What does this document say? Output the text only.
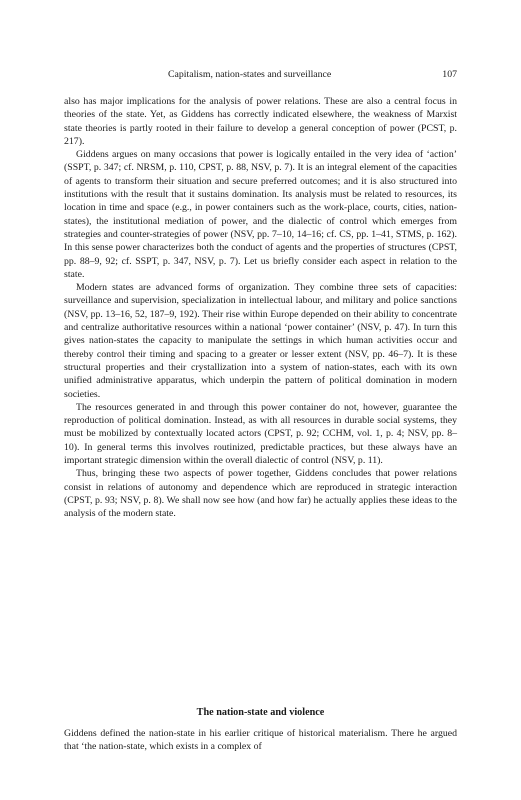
Capitalism, nation-states and surveillance	107

also has major implications for the analysis of power relations. These are also a central focus in theories of the state. Yet, as Giddens has correctly indicated elsewhere, the weakness of Marxist state theories is partly rooted in their failure to develop a general conception of power (PCST, p. 217).

Giddens argues on many occasions that power is logically entailed in the very idea of ‘action’ (SSPT, p. 347; cf. NRSM, p. 110, CPST, p. 88, NSV, p. 7). It is an integral element of the capacities of agents to transform their situation and secure preferred outcomes; and it is also structured into institutions with the result that it sustains domination. Its analysis must be related to resources, its location in time and space (e.g., in power containers such as the work-place, courts, cities, nation-states), the institutional mediation of power, and the dialectic of control which emerges from strategies and counter-strategies of power (NSV, pp. 7–10, 14–16; cf. CS, pp. 1–41, STMS, p. 162). In this sense power characterizes both the conduct of agents and the properties of structures (CPST, pp. 88–9, 92; cf. SSPT, p. 347, NSV, p. 7). Let us briefly consider each aspect in relation to the state.

Modern states are advanced forms of organization. They combine three sets of capacities: surveillance and supervision, specialization in intellectual labour, and military and police sanctions (NSV, pp. 13–16, 52, 187–9, 192). Their rise within Europe depended on their ability to concentrate and centralize authoritative resources within a national ‘power container’ (NSV, p. 47). In turn this gives nation-states the capacity to manipulate the settings in which human activities occur and thereby control their timing and spacing to a greater or lesser extent (NSV, pp. 46–7). It is these structural properties and their crystallization into a system of nation-states, each with its own unified administrative apparatus, which underpin the pattern of political domination in modern societies.

The resources generated in and through this power container do not, however, guarantee the reproduction of political domination. Instead, as with all resources in durable social systems, they must be mobilized by contextually located actors (CPST, p. 92; CCHM, vol. 1, p. 4; NSV, pp. 8–10). In general terms this involves routinized, predictable practices, but these always have an important strategic dimension within the overall dialectic of control (NSV, p. 11).

Thus, bringing these two aspects of power together, Giddens concludes that power relations consist in relations of autonomy and dependence which are reproduced in strategic interaction (CPST, p. 93; NSV, p. 8). We shall now see how (and how far) he actually applies these ideas to the analysis of the modern state.

The nation-state and violence

Giddens defined the nation-state in his earlier critique of historical materialism. There he argued that ‘the nation-state, which exists in a complex of
